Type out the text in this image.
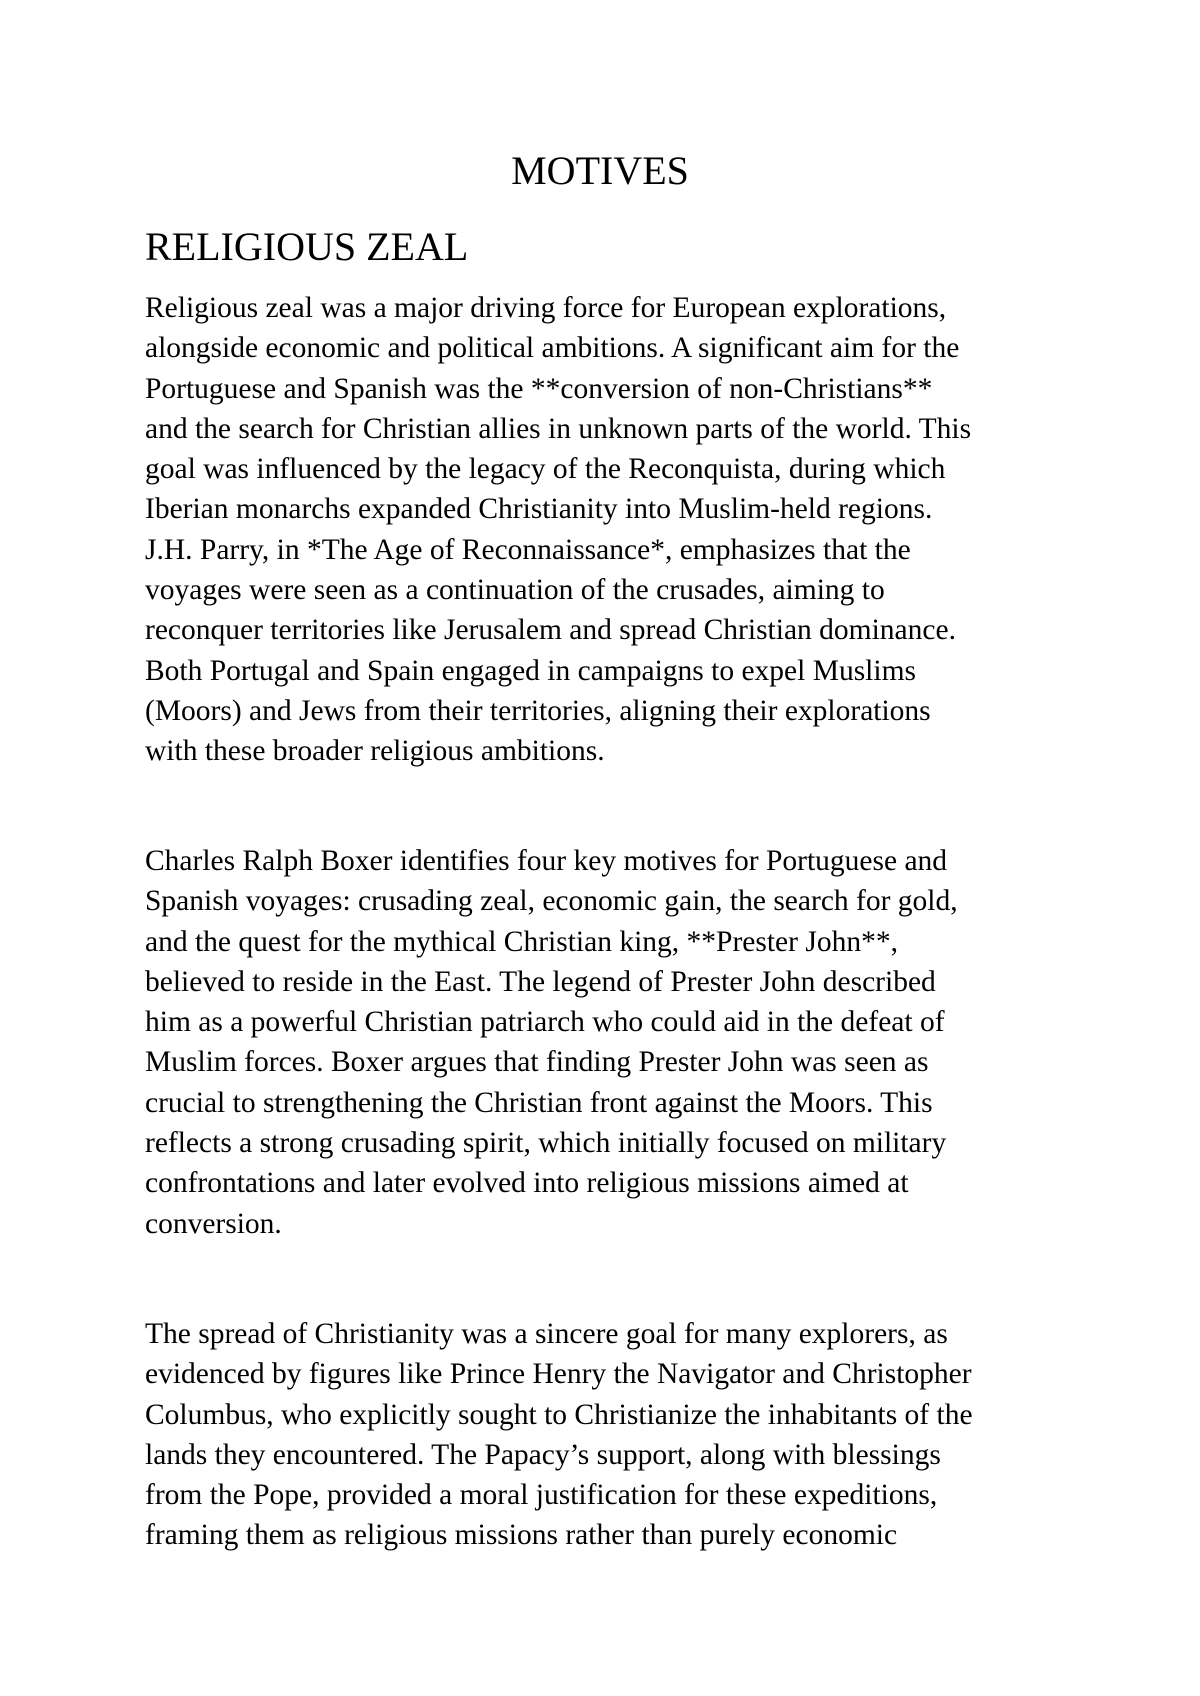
MOTIVES
RELIGIOUS ZEAL
Religious zeal was a major driving force for European explorations,
alongside economic and political ambitions. A significant aim for the
Portuguese and Spanish was the **conversion of non-Christians**
and the search for Christian allies in unknown parts of the world. This
goal was influenced by the legacy of the Reconquista, during which
Iberian monarchs expanded Christianity into Muslim-held regions.
J.H. Parry, in *The Age of Reconnaissance*, emphasizes that the
voyages were seen as a continuation of the crusades, aiming to
reconquer territories like Jerusalem and spread Christian dominance.
Both Portugal and Spain engaged in campaigns to expel Muslims
(Moors) and Jews from their territories, aligning their explorations
with these broader religious ambitions.
Charles Ralph Boxer identifies four key motives for Portuguese and
Spanish voyages: crusading zeal, economic gain, the search for gold,
and the quest for the mythical Christian king, **Prester John**,
believed to reside in the East. The legend of Prester John described
him as a powerful Christian patriarch who could aid in the defeat of
Muslim forces. Boxer argues that finding Prester John was seen as
crucial to strengthening the Christian front against the Moors. This
reflects a strong crusading spirit, which initially focused on military
confrontations and later evolved into religious missions aimed at
conversion.
The spread of Christianity was a sincere goal for many explorers, as
evidenced by figures like Prince Henry the Navigator and Christopher
Columbus, who explicitly sought to Christianize the inhabitants of the
lands they encountered. The Papacy’s support, along with blessings
from the Pope, provided a moral justification for these expeditions,
framing them as religious missions rather than purely economic
